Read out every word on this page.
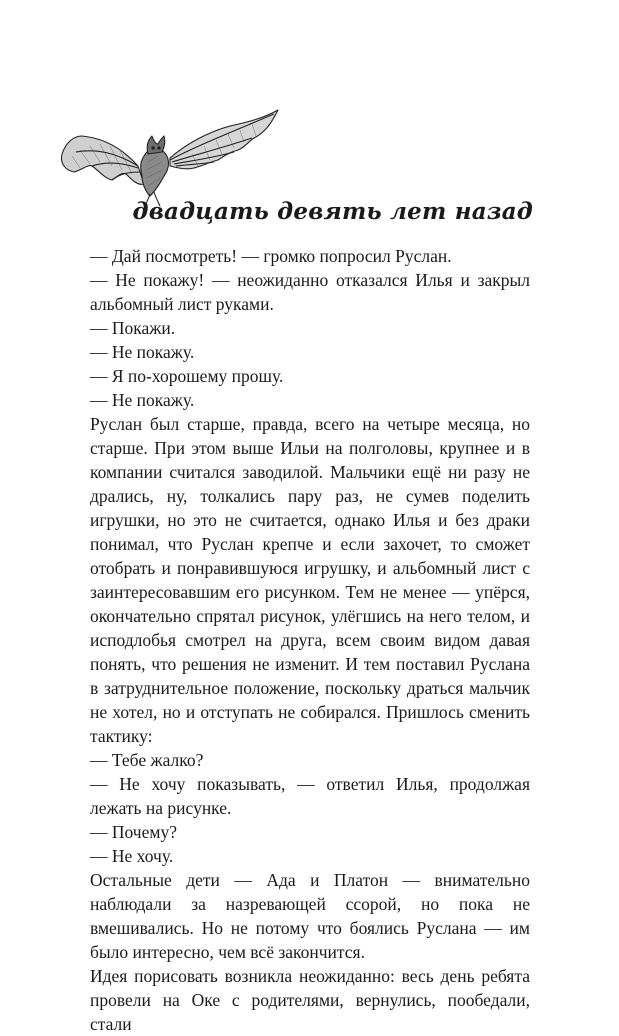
двадцать девять лет назад

— Дай посмотреть! — громко попросил Руслан.

— Не покажу! — неожиданно отказался Илья и закрыл альбомный лист руками.

— Покажи.

— Не покажу.

— Я по-хорошему прошу.

— Не покажу.

Руслан был старше, правда, всего на четыре месяца, но старше. При этом выше Ильи на полголовы, крупнее и в компании считался заводилой. Мальчики ещё ни разу не дрались, ну, толкались пару раз, не сумев поделить игрушки, но это не считается, однако Илья и без драки понимал, что Руслан крепче и если захочет, то сможет отобрать и понравившуюся игрушку, и альбомный лист с заинтересовавшим его рисунком. Тем не менее — упёрся, окончательно спрятал рисунок, улёгшись на него телом, и исподлобья смотрел на друга, всем своим видом давая понять, что решения не изменит. И тем поставил Руслана в затруднительное положение, поскольку драться мальчик не хотел, но и отступать не собирался. Пришлось сменить тактику:

— Тебе жалко?

— Не хочу показывать, — ответил Илья, продолжая лежать на рисунке.

— Почему?

— Не хочу.

Остальные дети — Ада и Платон — внимательно наблюдали за назревающей ссорой, но пока не вмешивались. Но не потому что боялись Руслана — им было интересно, чем всё закончится.

Идея порисовать возникла неожиданно: весь день ребята провели на Оке с родителями, вернулись, пообедали, стали
